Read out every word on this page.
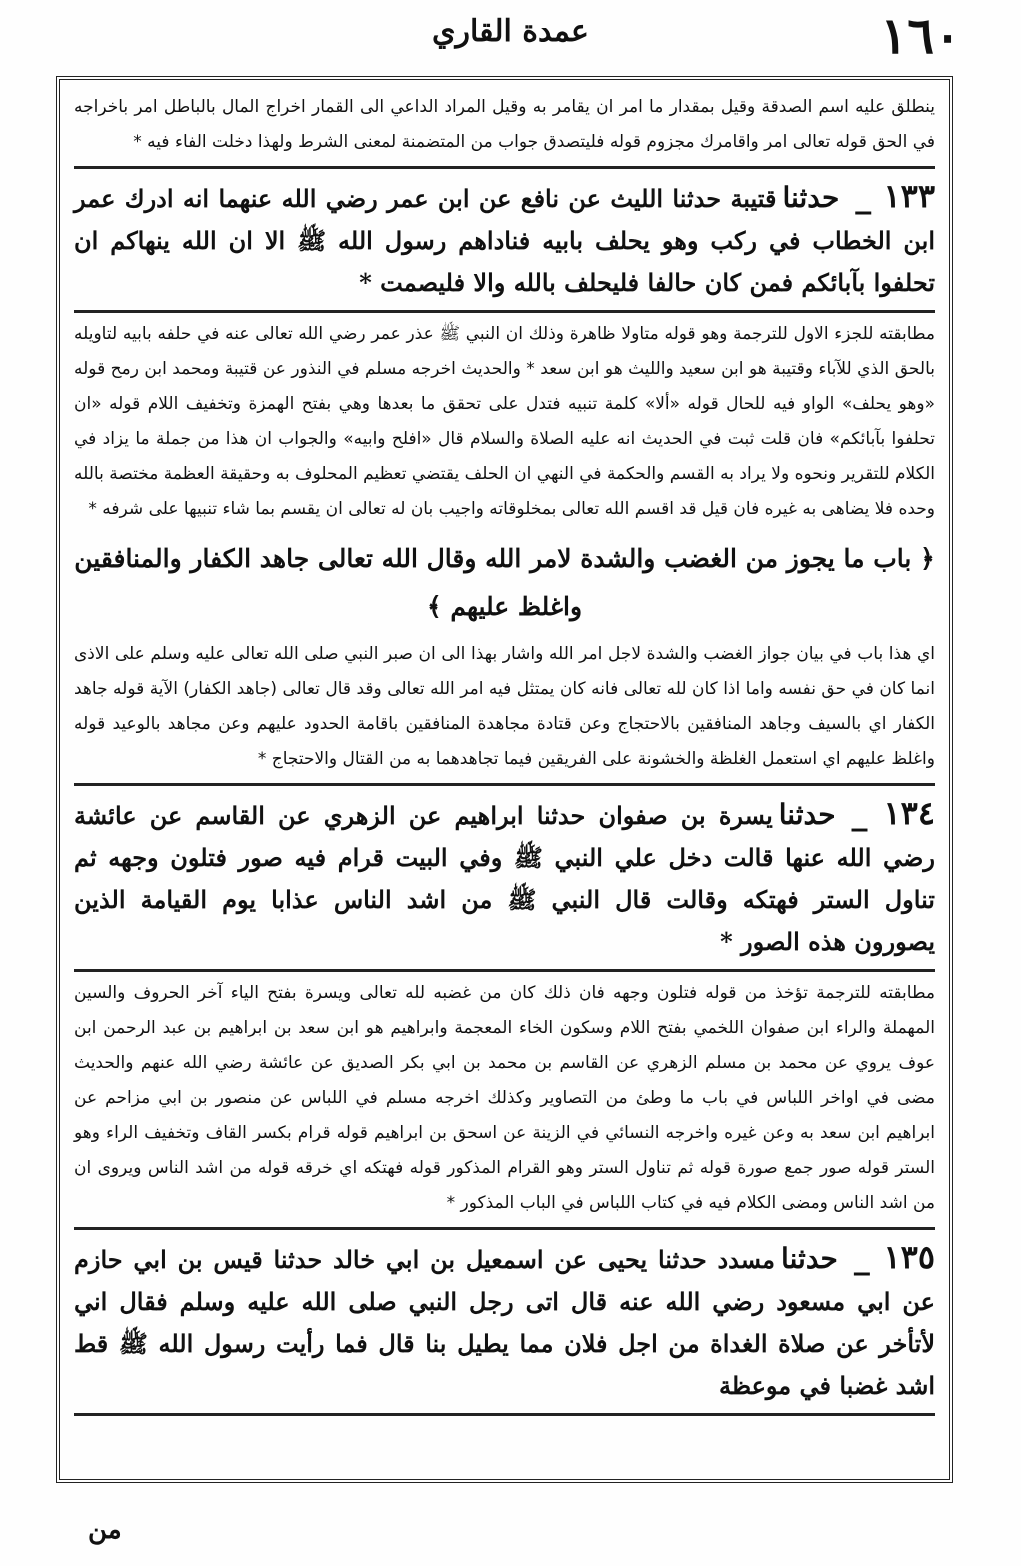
١٦٠
عمدة القاري
ينطلق عليه اسم الصدقة وقيل بمقدار ما امر ان يقامر به وقيل المراد الداعي الى القمار اخراج المال بالباطل امر باخراجه في الحق قوله تعالى امر واقامرك مجزوم قوله فليتصدق جواب من المتضمنة لمعنى الشرط ولهذا دخلت الفاء فيه *
١٣٣ _حدثناقتيبة حدثنا الليث عن نافع عن ابن عمر رضي الله عنهما انه ادرك عمر ابن الخطاب في ركب وهو يحلف بابيه فناداهم رسول الله ﷺ الا ان الله ينهاكم ان تحلفوا بآبائكم فمن كان حالفا فليحلف بالله والا فليصمت *
مطابقته للجزء الاول للترجمة وهو قوله متاولا ظاهرة وذلك ان النبي ﷺ عذر عمر رضي الله تعالى عنه في حلفه بابيه لتاويله بالحق الذي للآباء وقتيبة هو ابن سعيد والليث هو ابن سعد * والحديث اخرجه مسلم في النذور عن قتيبة ومحمد ابن رمح قوله «وهو يحلف» الواو فيه للحال قوله «ألا» كلمة تنبيه فتدل على تحقق ما بعدها وهي بفتح الهمزة وتخفيف اللام قوله «ان تحلفوا بآبائكم» فان قلت ثبت في الحديث انه عليه الصلاة والسلام قال «افلح وابيه» والجواب ان هذا من جملة ما يزاد في الكلام للتقرير ونحوه ولا يراد به القسم والحكمة في النهي ان الحلف يقتضي تعظيم المحلوف به وحقيقة العظمة مختصة بالله وحده فلا يضاهى به غيره فان قيل قد اقسم الله تعالى بمخلوقاته واجيب بان له تعالى ان يقسم بما شاء تنبيها على شرفه *
﴿ باب ما يجوز من الغضب والشدة لامر الله وقال الله تعالى جاهد الكفار والمنافقين واغلظ عليهم ﴾
اي هذا باب في بيان جواز الغضب والشدة لاجل امر الله واشار بهذا الى ان صبر النبي صلى الله تعالى عليه وسلم على الاذى انما كان في حق نفسه واما اذا كان لله تعالى فانه كان يمتثل فيه امر الله تعالى وقد قال تعالى (جاهد الكفار) الآية قوله جاهد الكفار اي بالسيف وجاهد المنافقين بالاحتجاج وعن قتادة مجاهدة المنافقين باقامة الحدود عليهم وعن مجاهد بالوعيد قوله واغلظ عليهم اي استعمل الغلظة والخشونة على الفريقين فيما تجاهدهما به من القتال والاحتجاج *
١٣٤ _حدثنايسرة بن صفوان حدثنا ابراهيم عن الزهري عن القاسم عن عائشة رضي الله عنها قالت دخل علي النبي ﷺ وفي البيت قرام فيه صور فتلون وجهه ثم تناول الستر فهتكه وقالت قال النبي ﷺ من اشد الناس عذابا يوم القيامة الذين يصورون هذه الصور *
مطابقته للترجمة تؤخذ من قوله فتلون وجهه فان ذلك كان من غضبه لله تعالى ويسرة بفتح الياء آخر الحروف والسين المهملة والراء ابن صفوان اللخمي بفتح اللام وسكون الخاء المعجمة وابراهيم هو ابن سعد بن ابراهيم بن عبد الرحمن ابن عوف يروي عن محمد بن مسلم الزهري عن القاسم بن محمد بن ابي بكر الصديق عن عائشة رضي الله عنهم والحديث مضى في اواخر اللباس في باب ما وطئ من التصاوير وكذلك اخرجه مسلم في اللباس عن منصور بن ابي مزاحم عن ابراهيم ابن سعد به وعن غيره واخرجه النسائي في الزينة عن اسحق بن ابراهيم قوله قرام بكسر القاف وتخفيف الراء وهو الستر قوله صور جمع صورة قوله ثم تناول الستر وهو القرام المذكور قوله فهتكه اي خرقه قوله من اشد الناس ويروى ان من اشد الناس ومضى الكلام فيه في كتاب اللباس في الباب المذكور *
١٣٥ _حدثنامسدد حدثنا يحيى عن اسمعيل بن ابي خالد حدثنا قيس بن ابي حازم عن ابي مسعود رضي الله عنه قال اتى رجل النبي صلى الله عليه وسلم فقال اني لأتأخر عن صلاة الغداة من اجل فلان مما يطيل بنا قال فما رأيت رسول الله ﷺ قط اشد غضبا في موعظة
من
